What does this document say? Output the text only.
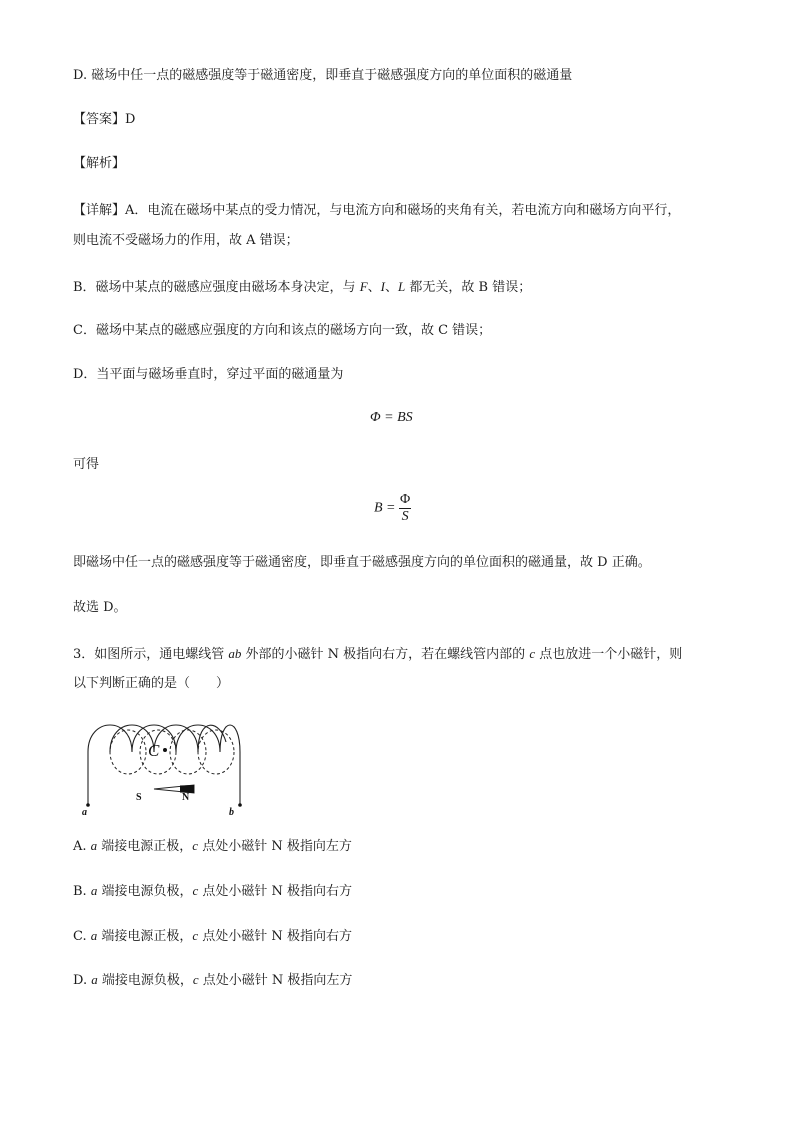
D. 磁场中任一点的磁感强度等于磁通密度，即垂直于磁感强度方向的单位面积的磁通量
【答案】D
【解析】
【详解】A．电流在磁场中某点的受力情况，与电流方向和磁场的夹角有关，若电流方向和磁场方向平行，
则电流不受磁场力的作用，故 A 错误；
B．磁场中某点的磁感应强度由磁场本身决定，与 F、I、L 都无关，故 B 错误；
C．磁场中某点的磁感应强度的方向和该点的磁场方向一致，故 C 错误；
D．当平面与磁场垂直时，穿过平面的磁通量为
Φ = BS
可得
$B = \frac{\Phi}{S}$
即磁场中任一点的磁感强度等于磁通密度，即垂直于磁感强度方向的单位面积的磁通量，故 D 正确。
故选 D。
3．如图所示，通电螺线管 ab 外部的小磁针 N 极指向右方，若在螺线管内部的 c 点也放进一个小磁针，则
以下判断正确的是（　　）
C
S	N
a	b
A. a 端接电源正极，c 点处小磁针 N 极指向左方
B. a 端接电源负极，c 点处小磁针 N 极指向右方
C. a 端接电源正极，c 点处小磁针 N 极指向右方
D. a 端接电源负极，c 点处小磁针 N 极指向左方
